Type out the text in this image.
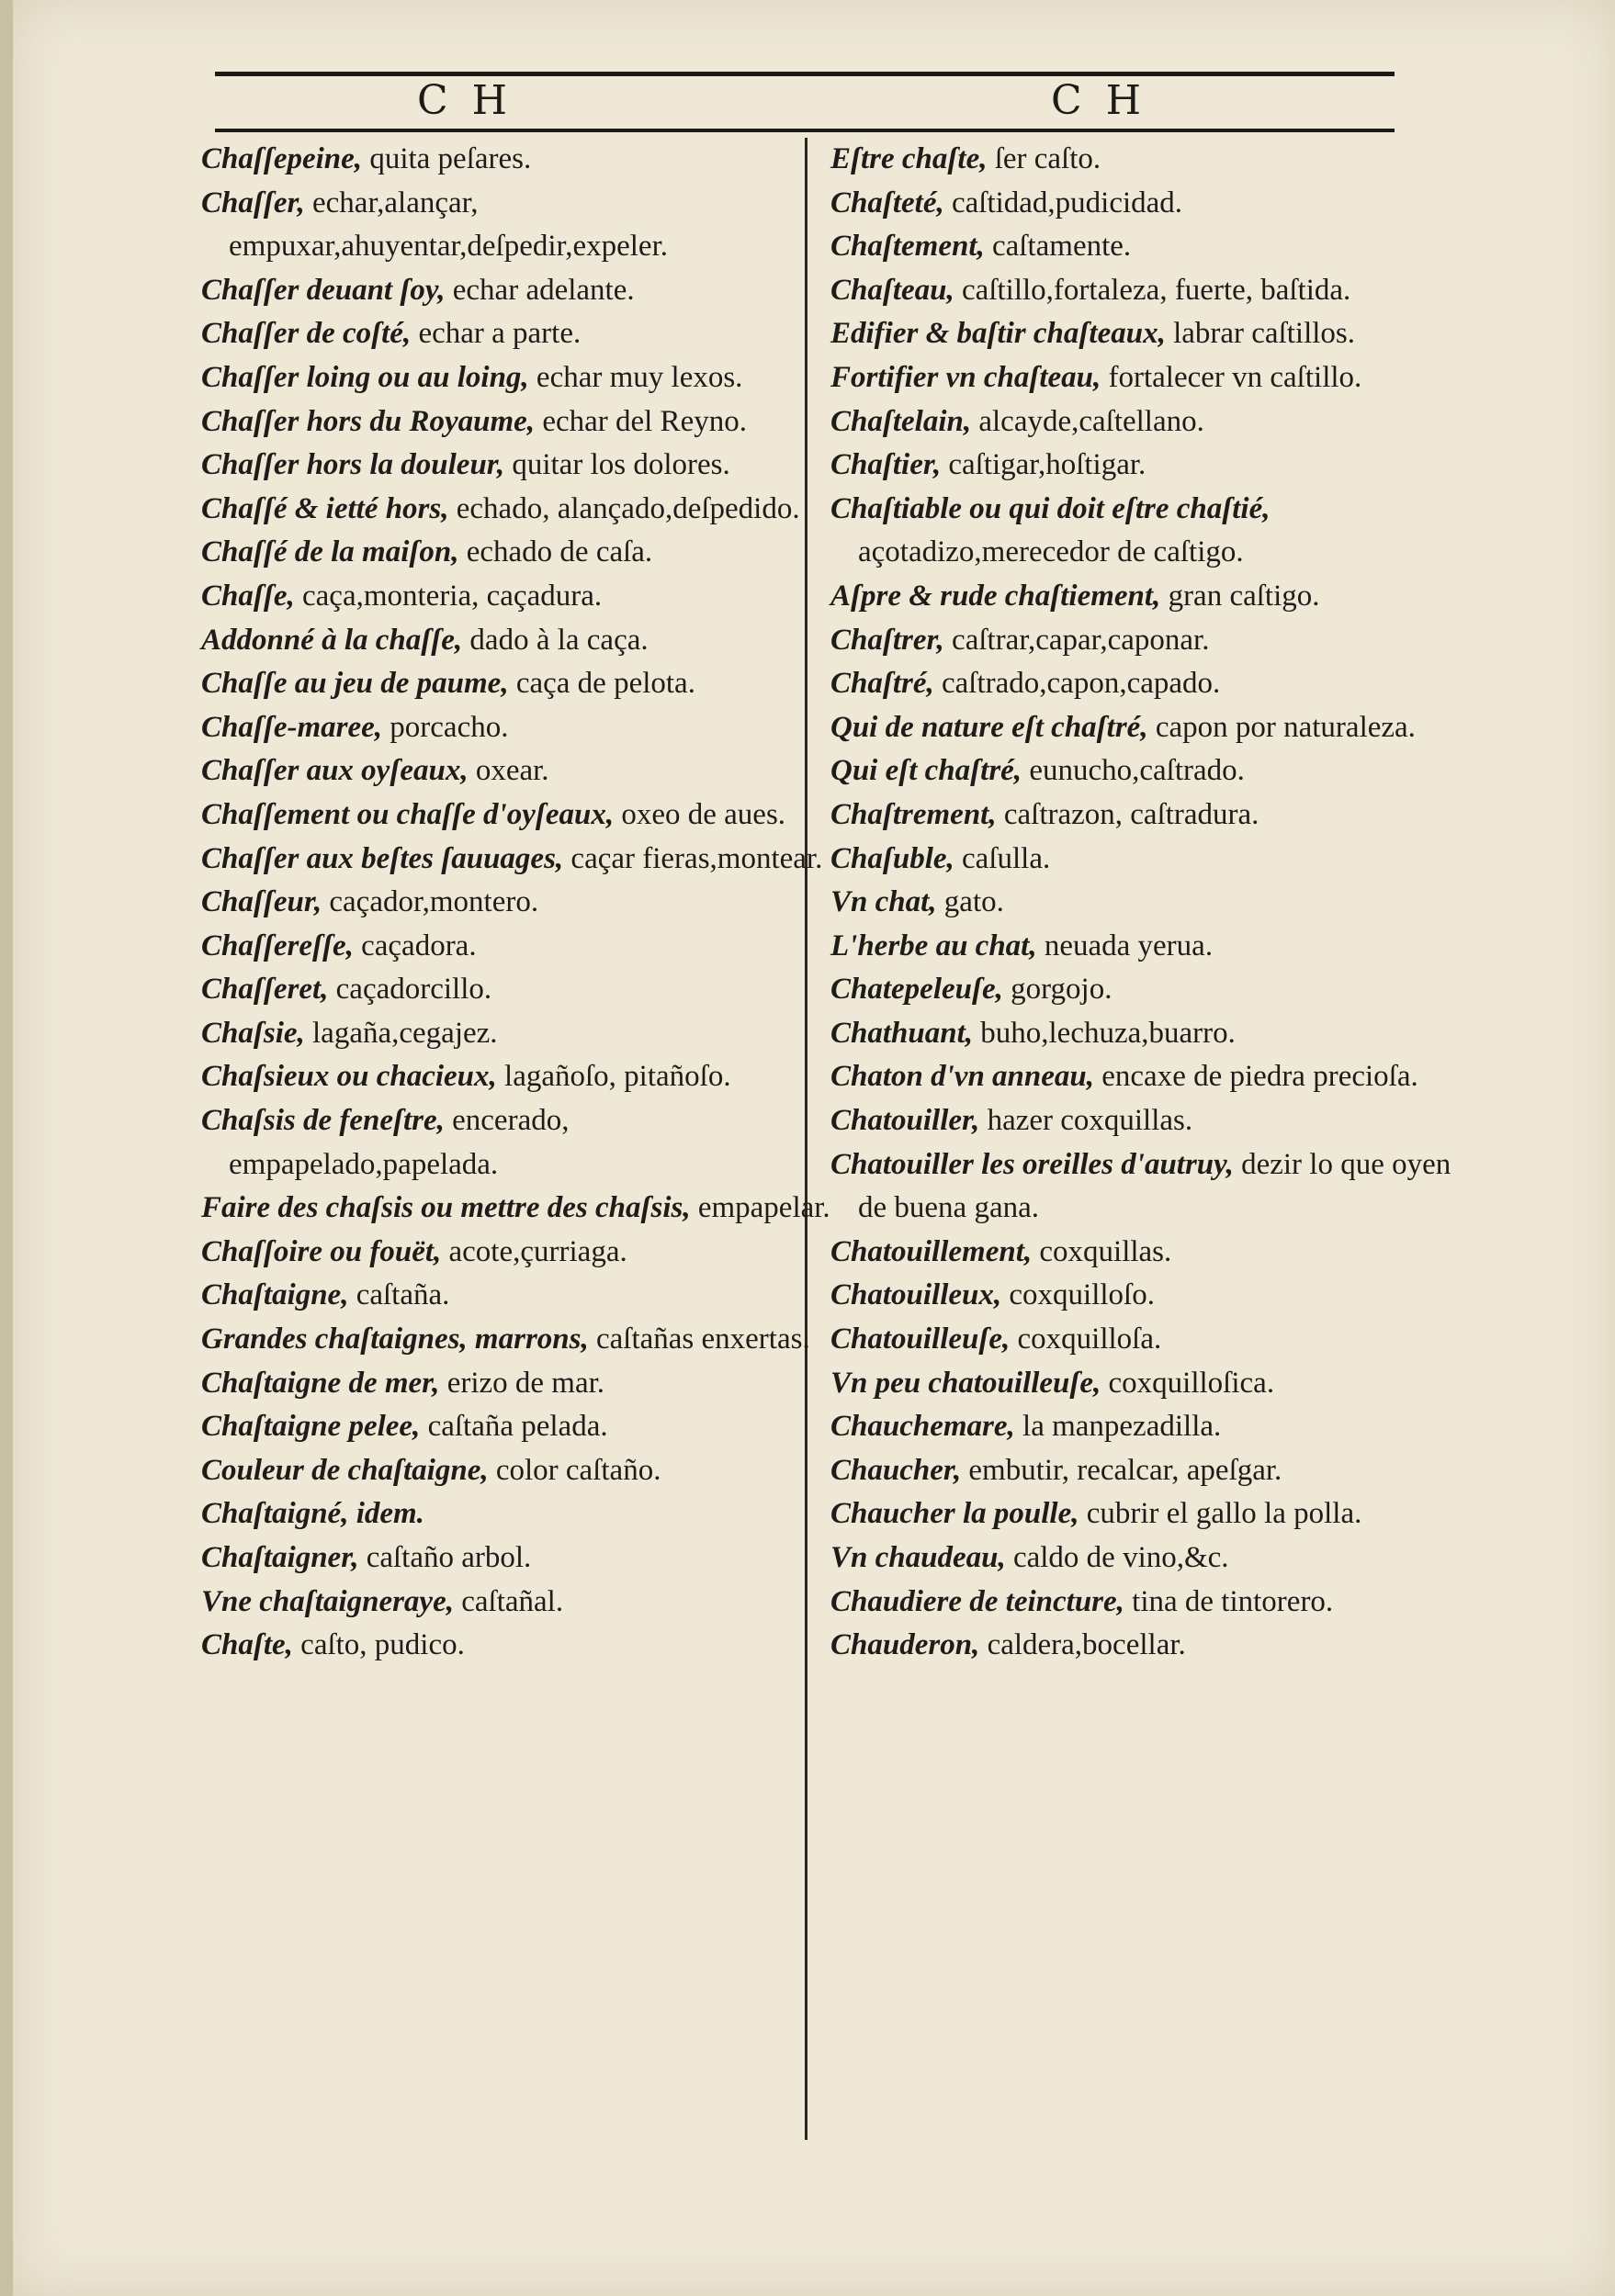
C H	C H

Chaſſepeine, quita peſares.

Chaſſer, echar,alançar, empuxar,ahuyentar,deſpedir,expeler.

Chaſſer deuant ſoy, echar adelante.

Chaſſer de coſté, echar a parte.

Chaſſer loing ou au loing, echar muy lexos.

Chaſſer hors du Royaume, echar del Reyno.

Chaſſer hors la douleur, quitar los dolores.

Chaſſé & ietté hors, echado, alançado,deſpedido.

Chaſſé de la maiſon, echado de caſa.

Chaſſe, caça,monteria, caçadura.

Addonné à la chaſſe, dado à la caça.

Chaſſe au jeu de paume, caça de pelota.

Chaſſe-maree, porcacho.

Chaſſer aux oyſeaux, oxear.

Chaſſement ou chaſſe d'oyſeaux, oxeo de aues.

Chaſſer aux beſtes ſauuages, caçar fieras,montear.

Chaſſeur, caçador,montero.

Chaſſereſſe, caçadora.

Chaſſeret, caçadorcillo.

Chaſsie, lagaña,cegajez.

Chaſsieux ou chacieux, lagañoſo, pitañoſo.

Chaſsis de feneſtre, encerado, empapelado,papelada.

Faire des chaſsis ou mettre des chaſsis, empapelar.

Chaſſoire ou fouët, acote,çurriaga.

Chaſtaigne, caſtaña.

Grandes chaſtaignes, marrons, caſtañas enxertas.

Chaſtaigne de mer, erizo de mar.

Chaſtaigne pelee, caſtaña pelada.

Couleur de chaſtaigne, color caſtaño.

Chaſtaigné, idem.

Chaſtaigner, caſtaño arbol.

Vne chaſtaigneraye, caſtañal.

Chaſte, caſto, pudico.

Eſtre chaſte, ſer caſto.

Chaſteté, caſtidad,pudicidad.

Chaſtement, caſtamente.

Chaſteau, caſtillo,fortaleza, fuerte, baſtida.

Edifier & baſtir chaſteaux, labrar caſtillos.

Fortifier vn chaſteau, fortalecer vn caſtillo.

Chaſtelain, alcayde,caſtellano.

Chaſtier, caſtigar,hoſtigar.

Chaſtiable ou qui doit eſtre chaſtié, açotadizo,merecedor de caſtigo.

Aſpre & rude chaſtiement, gran caſtigo.

Chaſtrer, caſtrar,capar,caponar.

Chaſtré, caſtrado,capon,capado.

Qui de nature eſt chaſtré, capon por naturaleza.

Qui eſt chaſtré, eunucho,caſtrado.

Chaſtrement, caſtrazon, caſtradura.

Chaſuble, caſulla.

Vn chat, gato.

L'herbe au chat, neuada yerua.

Chatepeleuſe, gorgojo.

Chathuant, buho,lechuza,buarro.

Chaton d'vn anneau, encaxe de piedra precioſa.

Chatouiller, hazer coxquillas.

Chatouiller les oreilles d'autruy, dezir lo que oyen de buena gana.

Chatouillement, coxquillas.

Chatouilleux, coxquilloſo.

Chatouilleuſe, coxquilloſa.

Vn peu chatouilleuſe, coxquilloſica.

Chauchemare, la manpezadilla.

Chaucher, embutir, recalcar, apeſgar.

Chaucher la poulle, cubrir el gallo la polla.

Vn chaudeau, caldo de vino,&c.

Chaudiere de teincture, tina de tintorero.

Chauderon, caldera,bocellar.
